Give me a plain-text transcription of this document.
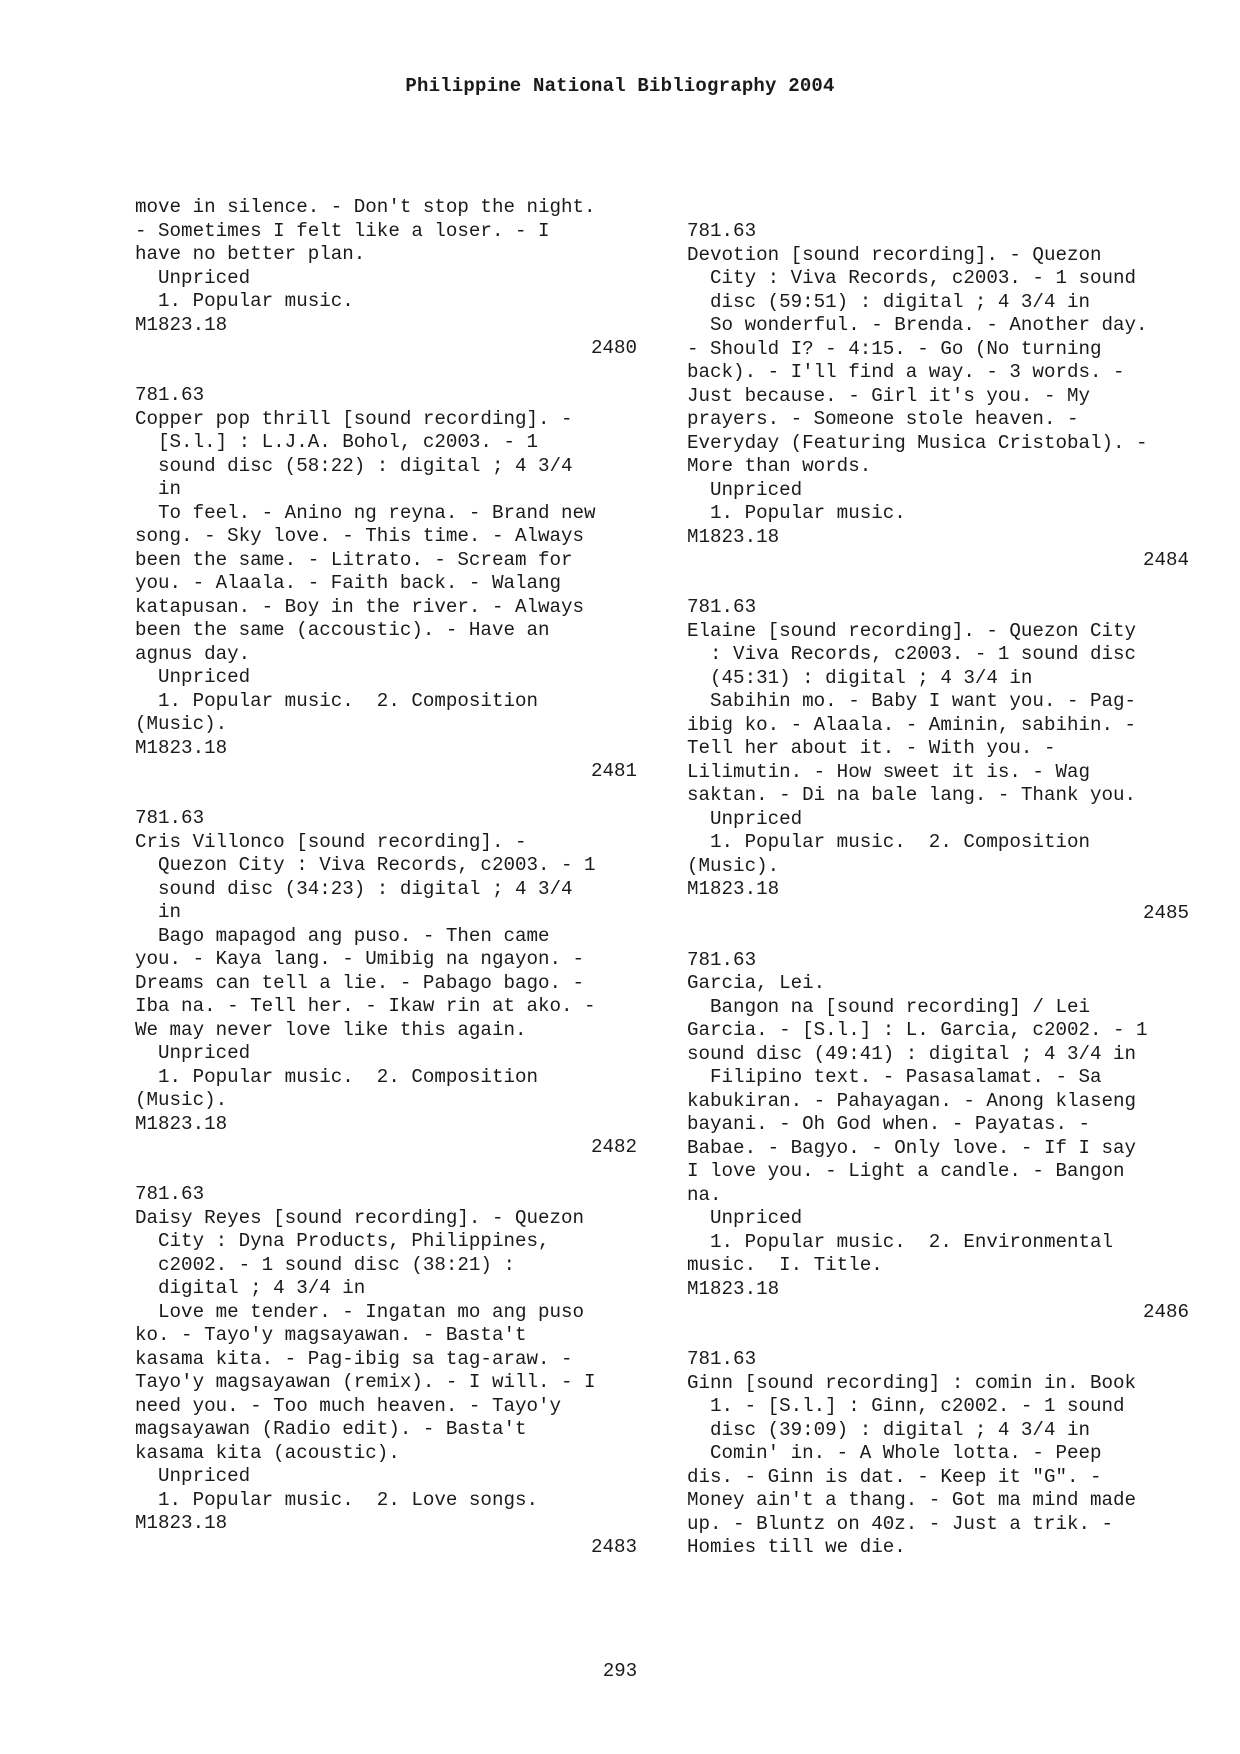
Philippine National Bibliography 2004
move in silence. - Don't stop the night.
- Sometimes I felt like a loser. - I
have no better plan.
Unpriced
1. Popular music.
M1823.18
2480
781.63
Copper pop thrill [sound recording]. -
[S.l.] : L.J.A. Bohol, c2003. - 1
sound disc (58:22) : digital ; 4 3/4
in
To feel. - Anino ng reyna. - Brand new
song. - Sky love. - This time. - Always
been the same. - Litrato. - Scream for
you. - Alaala. - Faith back. - Walang
katapusan. - Boy in the river. - Always
been the same (accoustic). - Have an
agnus day.
Unpriced
1. Popular music.  2. Composition
(Music).
M1823.18
2481
781.63
Cris Villonco [sound recording]. -
Quezon City : Viva Records, c2003. - 1
sound disc (34:23) : digital ; 4 3/4
in
Bago mapagod ang puso. - Then came
you. - Kaya lang. - Umibig na ngayon. -
Dreams can tell a lie. - Pabago bago. -
Iba na. - Tell her. - Ikaw rin at ako. -
We may never love like this again.
Unpriced
1. Popular music.  2. Composition
(Music).
M1823.18
2482
781.63
Daisy Reyes [sound recording]. - Quezon
City : Dyna Products, Philippines,
c2002. - 1 sound disc (38:21) :
digital ; 4 3/4 in
Love me tender. - Ingatan mo ang puso
ko. - Tayo'y magsayawan. - Basta't
kasama kita. - Pag-ibig sa tag-araw. -
Tayo'y magsayawan (remix). - I will. - I
need you. - Too much heaven. - Tayo'y
magsayawan (Radio edit). - Basta't
kasama kita (acoustic).
Unpriced
1. Popular music.  2. Love songs.
M1823.18
2483
781.63
Devotion [sound recording]. - Quezon
City : Viva Records, c2003. - 1 sound
disc (59:51) : digital ; 4 3/4 in
So wonderful. - Brenda. - Another day.
- Should I? - 4:15. - Go (No turning
back). - I'll find a way. - 3 words. -
Just because. - Girl it's you. - My
prayers. - Someone stole heaven. -
Everyday (Featuring Musica Cristobal). -
More than words.
Unpriced
1. Popular music.
M1823.18
2484
781.63
Elaine [sound recording]. - Quezon City
: Viva Records, c2003. - 1 sound disc
(45:31) : digital ; 4 3/4 in
Sabihin mo. - Baby I want you. - Pag-
ibig ko. - Alaala. - Aminin, sabihin. -
Tell her about it. - With you. -
Lilimutin. - How sweet it is. - Wag
saktan. - Di na bale lang. - Thank you.
Unpriced
1. Popular music.  2. Composition
(Music).
M1823.18
2485
781.63
Garcia, Lei.
Bangon na [sound recording] / Lei
Garcia. - [S.l.] : L. Garcia, c2002. - 1
sound disc (49:41) : digital ; 4 3/4 in
Filipino text. - Pasasalamat. - Sa
kabukiran. - Pahayagan. - Anong klaseng
bayani. - Oh God when. - Payatas. -
Babae. - Bagyo. - Only love. - If I say
I love you. - Light a candle. - Bangon
na.
Unpriced
1. Popular music.  2. Environmental
music.  I. Title.
M1823.18
2486
781.63
Ginn [sound recording] : comin in. Book
1. - [S.l.] : Ginn, c2002. - 1 sound
disc (39:09) : digital ; 4 3/4 in
Comin' in. - A Whole lotta. - Peep
dis. - Ginn is dat. - Keep it "G". -
Money ain't a thang. - Got ma mind made
up. - Bluntz on 40z. - Just a trik. -
Homies till we die.
293
